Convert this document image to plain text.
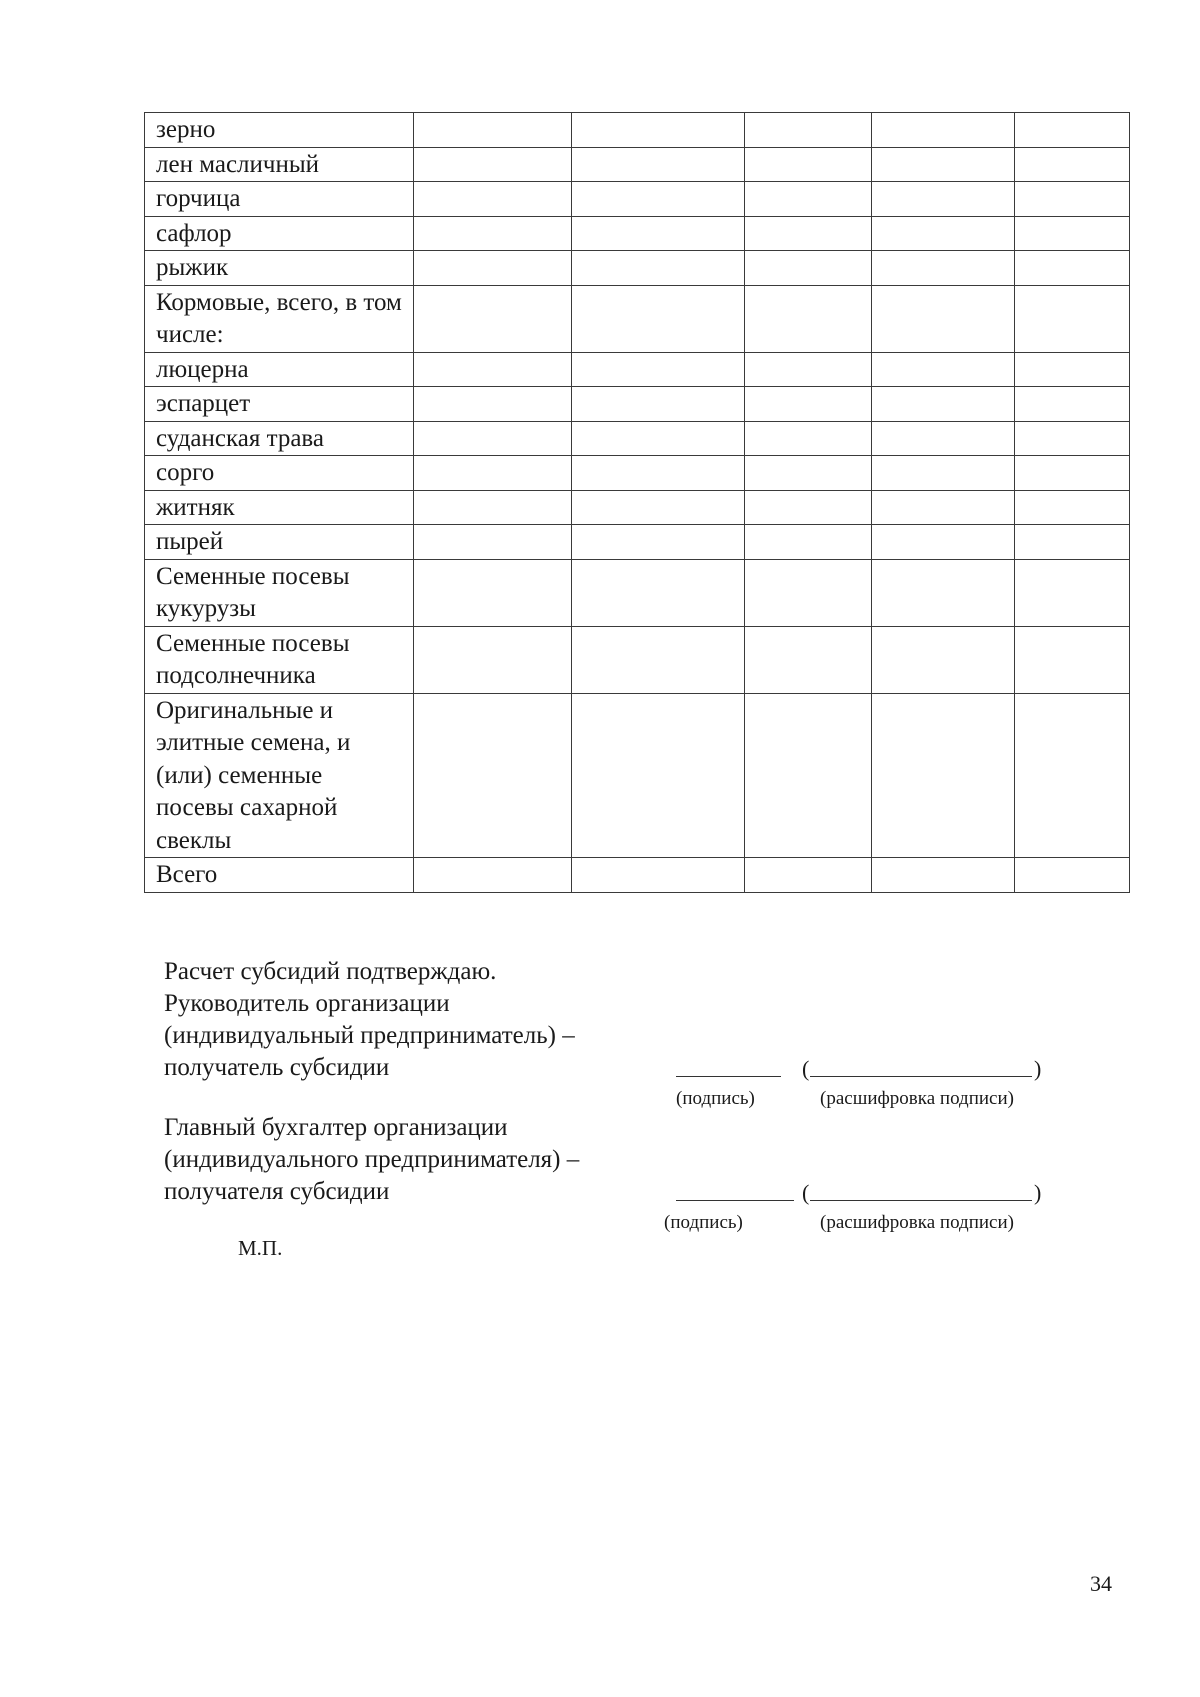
зерно					
лен масличный					
горчица					
сафлор					
рыжик					
Кормовые, всего, в том числе:					
люцерна					
эспарцет					
суданская трава					
сорго					
житняк					
пырей					
Семенные посевы кукурузы					
Семенные посевы подсолнечника					
Оригинальные и элитные семена, и (или) семенные посевы сахарной свеклы					
Всего					
Расчет субсидий подтверждаю.
Руководитель организации
(индивидуальный предприниматель) –
получатель субсидии	(	)
(подпись)	(расшифровка подписи)
Главный бухгалтер организации
(индивидуального предпринимателя) –
получателя субсидии	(	)
(подпись)	(расшифровка подписи)
М.П.
34
